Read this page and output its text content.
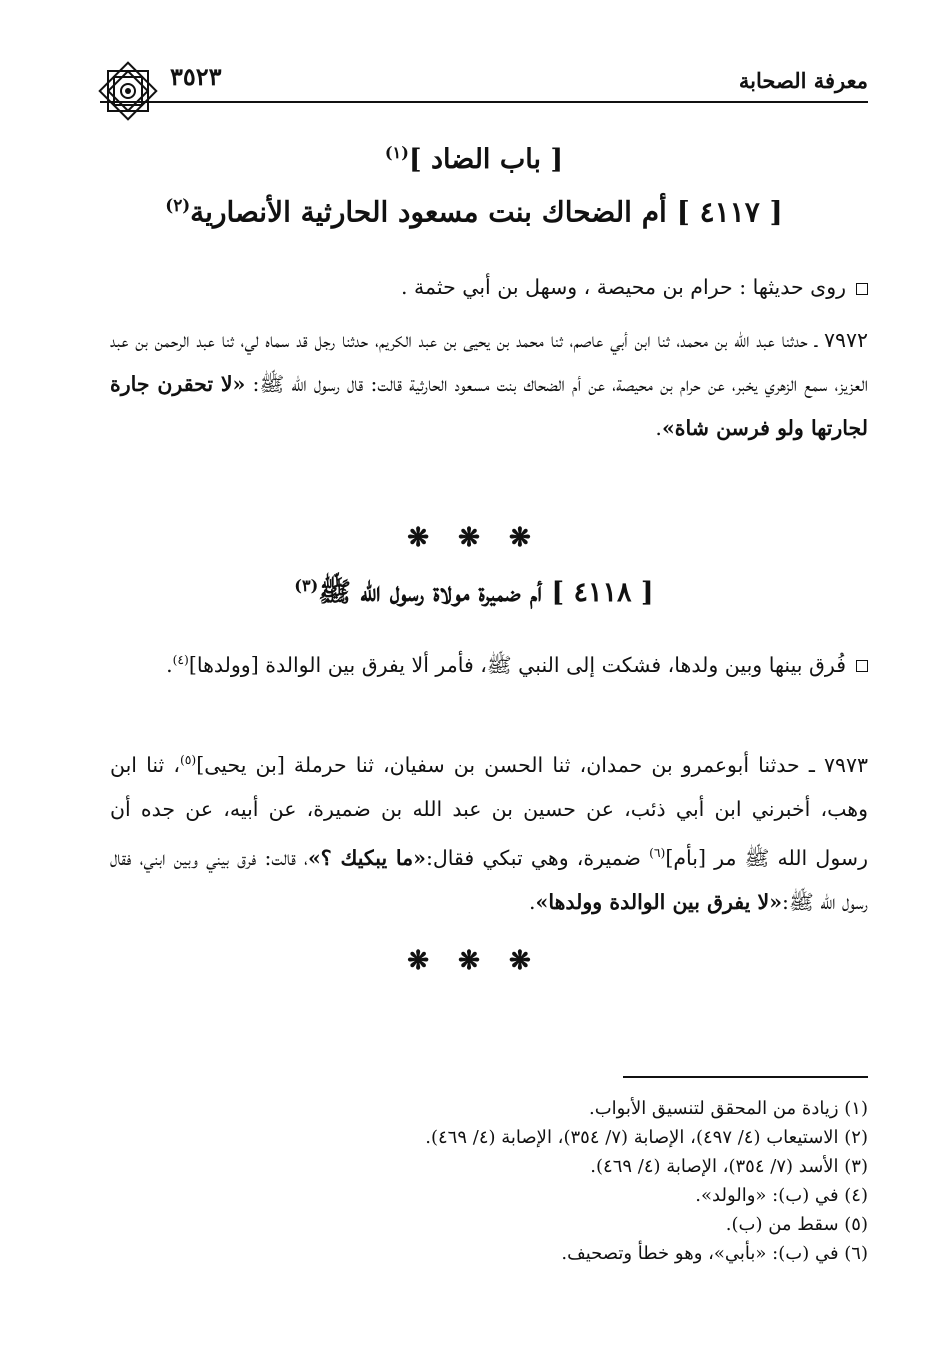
معرفة الصحابة
٣٥٢٣
[ باب الضاد ]$^{(١)}$
[ ٤١١٧ ] أم الضحاك بنت مسعود الحارثية الأنصارية$^{(٢)}$
روى حديثها : حرام بن محيصة ، وسهل بن أبي حثمة .
٧٩٧٢ ـ حدثنا عبد الله بن محمد، ثنا ابن أبي عاصم، ثنا محمد بن يحيى بن عبد الكريم، حدثنا رجل قد سماه لي، ثنا عبد الرحمن بن عبد العزيز، سمع الزهري يخبر، عن حرام بن محيصة، عن أم الضحاك بنت مسعود الحارثية قالت: قال رسول الله ﷺ: «لا تحقرن جارة لجارتها ولو فرسن شاة».
❋ ❋ ❋
[ ٤١١٨ ] أم ضميرة مولاة رسول الله ﷺ$^{(٣)}$
فُرق بينها وبين ولدها، فشكت إلى النبي ﷺ، فأمر ألا يفرق بين الوالدة [وولدها]$^{(٤)}$.
٧٩٧٣ ـ حدثنا أبوعمرو بن حمدان، ثنا الحسن بن سفيان، ثنا حرملة [بن يحيى]$^{(٥)}$، ثنا ابن وهب، أخبرني ابن أبي ذئب، عن حسين بن عبد الله بن ضميرة، عن أبيه، عن جده أن رسول الله ﷺ مر [بأم]$^{(٦)}$ ضميرة، وهي تبكي فقال:«ما يبكيك ؟»، قالت: فرق بيني وبين ابني، فقال رسول الله ﷺ:«لا يفرق بين الوالدة وولدها».
❋ ❋ ❋
(١) زيادة من المحقق لتنسيق الأبواب.
(٢) الاستيعاب (٤/ ٤٩٧)، الإصابة (٧/ ٣٥٤)، الإصابة (٤/ ٤٦٩).
(٣) الأسد (٧/ ٣٥٤)، الإصابة (٤/ ٤٦٩).
(٤) في (ب): «والولد».
(٥) سقط من (ب).
(٦) في (ب): «بأبي»، وهو خطأ وتصحيف.
